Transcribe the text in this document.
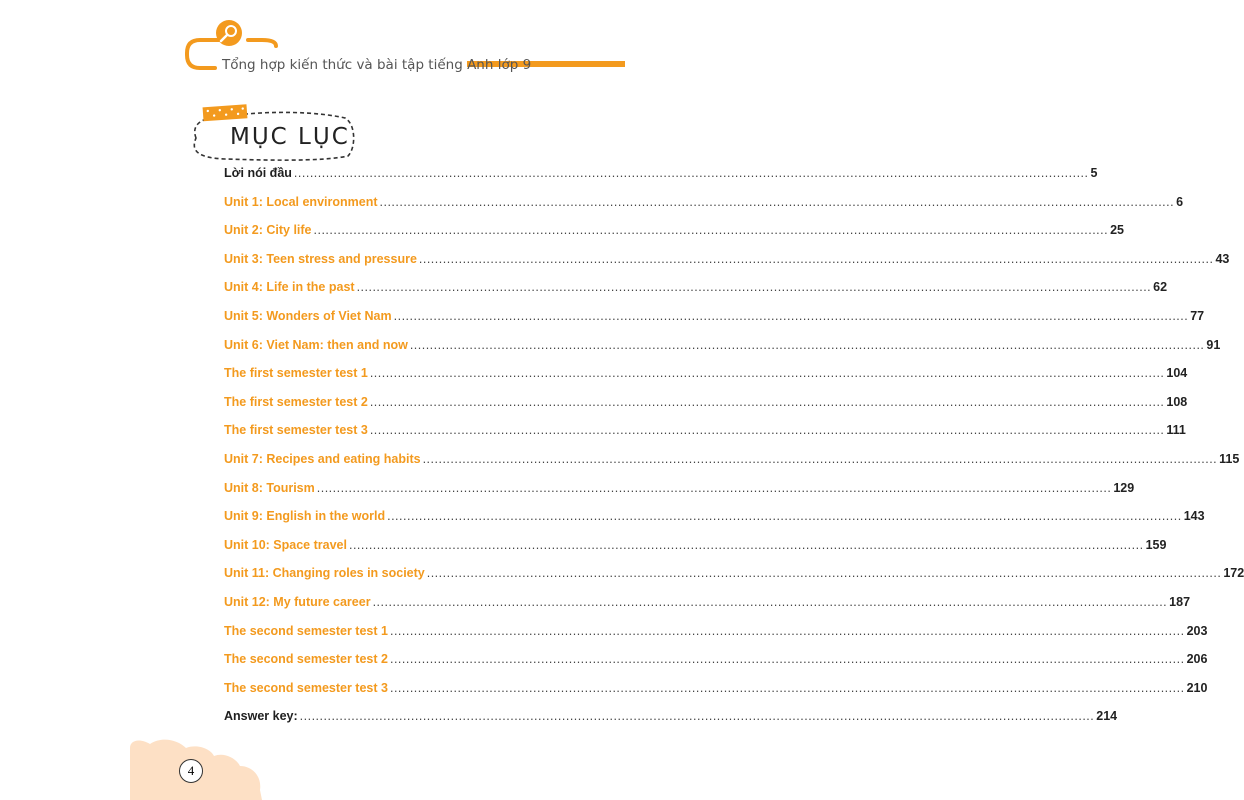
Tổng hợp kiến thức và bài tập tiếng Anh lớp 9
MỤC LỤC
Lời nói đầu ........................................................................................................................................................................................................ 5
Unit 1: Local environment ........................................................................................................................................................................................................ 6
Unit 2: City life ........................................................................................................................................................................................................ 25
Unit 3: Teen stress and pressure ........................................................................................................................................................................................................ 43
Unit 4: Life in the past ........................................................................................................................................................................................................ 62
Unit 5: Wonders of Viet Nam ........................................................................................................................................................................................................ 77
Unit 6: Viet Nam: then and now ........................................................................................................................................................................................................ 91
The first semester test 1 ........................................................................................................................................................................................................ 104
The first semester test 2 ........................................................................................................................................................................................................ 108
The first semester test 3 ........................................................................................................................................................................................................ 111
Unit 7: Recipes and eating habits ........................................................................................................................................................................................................ 115
Unit 8: Tourism ........................................................................................................................................................................................................ 129
Unit 9: English in the world ........................................................................................................................................................................................................ 143
Unit 10: Space travel ........................................................................................................................................................................................................ 159
Unit 11: Changing roles in society ........................................................................................................................................................................................................ 172
Unit 12: My future career ........................................................................................................................................................................................................ 187
The second semester test 1 ........................................................................................................................................................................................................ 203
The second semester test 2 ........................................................................................................................................................................................................ 206
The second semester test 3 ........................................................................................................................................................................................................ 210
Answer key: ........................................................................................................................................................................................................ 214
4
